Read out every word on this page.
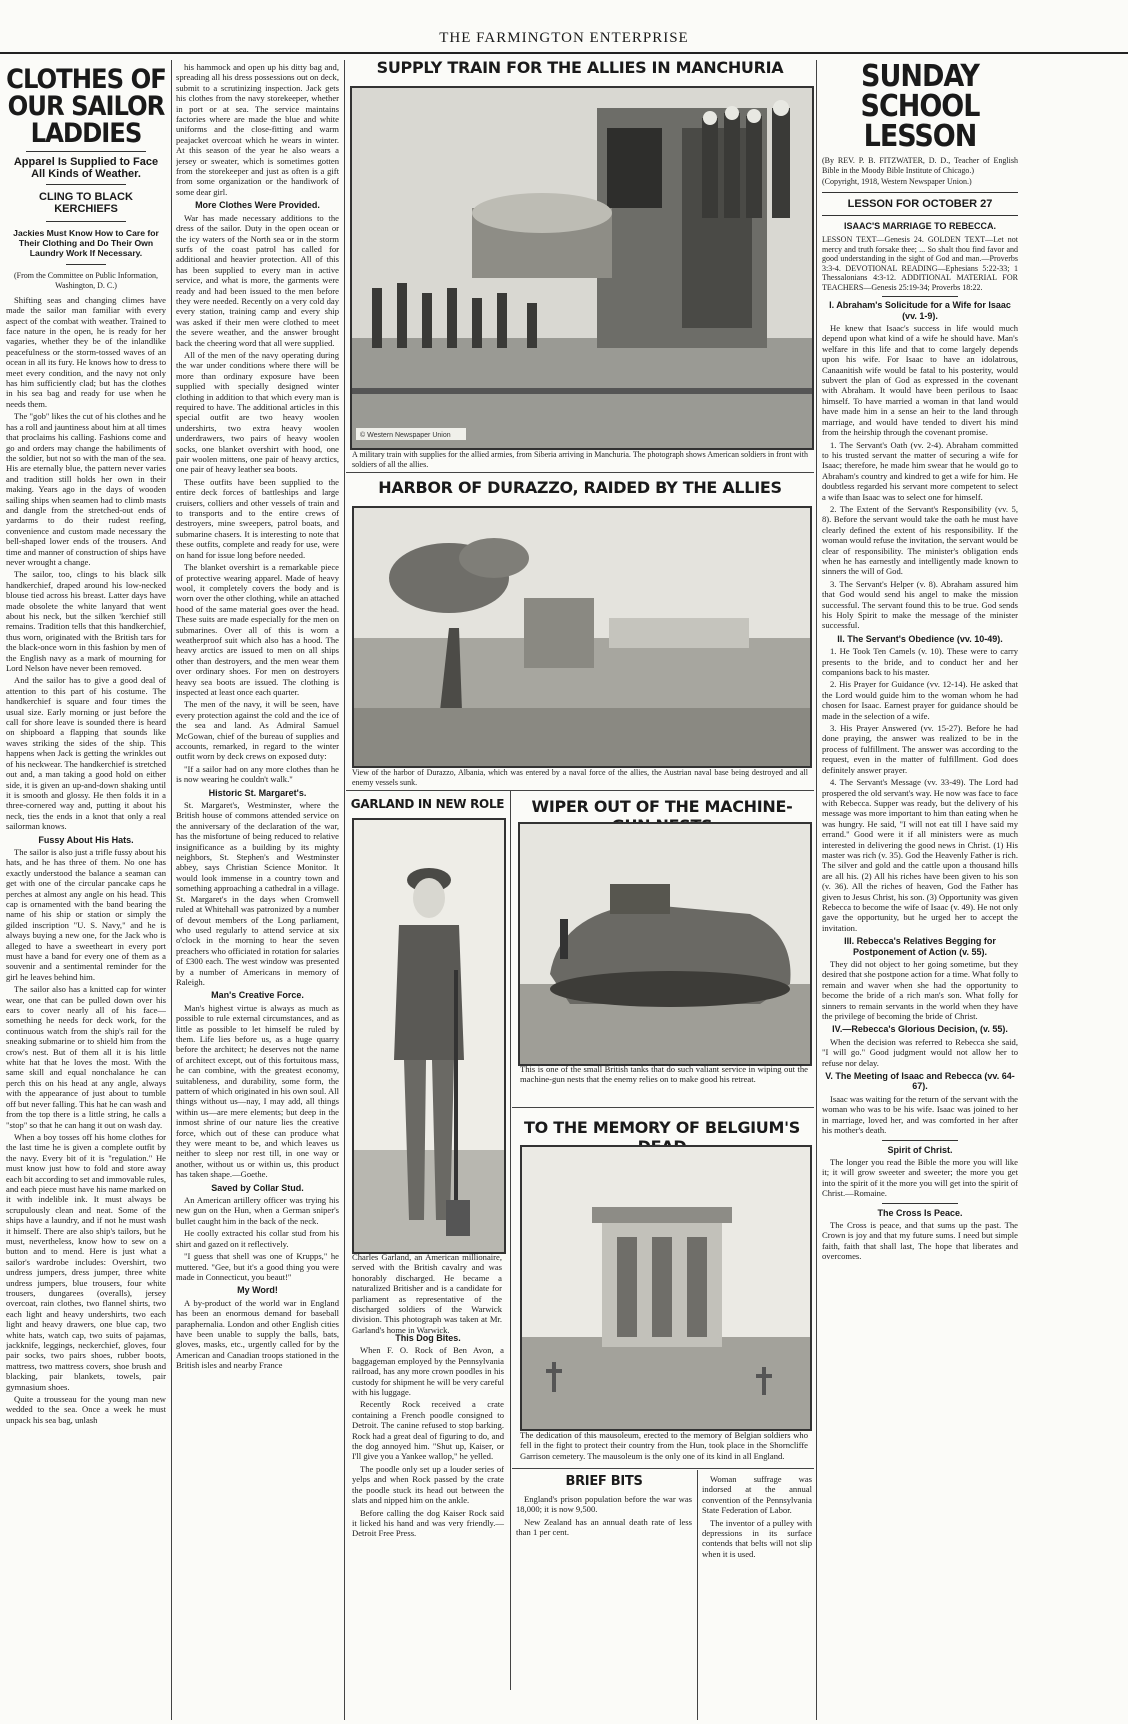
THE FARMINGTON ENTERPRISE
CLOTHES OF OUR SAILOR LADDIES
Apparel Is Supplied to Face All Kinds of Weather.
CLING TO BLACK KERCHIEFS
Jackies Must Know How to Care for Their Clothing and Do Their Own Laundry Work If Necessary.
(From the Committee on Public Information, Washington, D. C.)

Shifting seas and changing climes have made the sailor man familiar with every aspect of the combat with weather. Trained to face nature in the open, he is ready for her vagaries, whether they be of the inlandlike peacefulness or the storm-tossed waves of an ocean in all its fury. He knows how to dress to meet every condition, and the navy not only has him sufficiently clad; but has the clothes in his sea bag and ready for use when he needs them.

The "gob" likes the cut of his clothes and he has a roll and jauntiness about him at all times that proclaims his calling. Fashions come and go and orders may change the habiliments of the soldier, but not so with the man of the sea. His are eternally blue, the pattern never varies and tradition still holds her own in their making. Years ago in the days of wooden sailing ships when seamen had to climb masts and dangle from the stretched-out ends of yardarms to do their rudest reefing, convenience and custom made necessary the bell-shaped lower ends of the trousers. And time and manner of construction of ships have never wrought a change.

The sailor, too, clings to his black silk handkerchief, draped around his low-necked blouse tied across his breast. Latter days have made obsolete the white lanyard that went about his neck, but the silken 'kerchief still remains. Tradition tells that this handkerchief, thus worn, originated with the British tars for the black-once worn in this fashion by men of the English navy as a mark of mourning for Lord Nelson have never been removed.

And the sailor has to give a good deal of attention to this part of his costume. The handkerchief is square and four times the usual size. Early morning or just before the call for shore leave is sounded there is heard on shipboard a flapping that sounds like waves striking the sides of the ship. This happens when Jack is getting the wrinkles out of his neckwear. The handkerchief is stretched out and, a man taking a good hold on either side, it is given an up-and-down shaking until it is smooth and glossy. He then folds it in a three-cornered way and, putting it about his neck, ties the ends in a knot that only a real sailorman knows.

Fussy About His Hats.

The sailor is also just a trifle fussy about his hats, and he has three of them. No one has exactly understood the balance a seaman can get with one of the circular pancake caps he perches at almost any angle on his head. This cap is ornamented with the band bearing the name of his ship or station or simply the gilded inscription "U. S. Navy," and he is always buying a new one, for the Jack who is alleged to have a sweetheart in every port must have a band for every one of them as a souvenir and a sentimental reminder for the girl he leaves behind him.

The sailor also has a knitted cap for winter wear, one that can be pulled down over his ears to cover nearly all of his face—something he needs for deck work, for the continuous watch from the ship's rail for the sneaking submarine or to shield him from the crow's nest. But of them all it is his little white hat that he loves the most. With the same skill and equal nonchalance he can perch this on his head at any angle, always with the appearance of just about to tumble off but never falling. This hat he can wash and from the top there is a little string, he calls a "stop" so that he can hang it out on wash day.

When a boy tosses off his home clothes for the last time he is given a complete outfit by the navy. Every bit of it is "regulation." He must know just how to fold and store away each bit according to set and immovable rules, and each piece must have his name marked on it with indelible ink. It must always be scrupulously clean and neat. Some of the ships have a laundry, and if not he must wash it himself. There are also ship's tailors, but he must, nevertheless, know how to sew on a button and to mend. Here is just what a sailor's wardrobe includes: Overshirt, two undress jumpers, dress jumper, three white undress jumpers, blue trousers, four white trousers, dungarees (overalls), jersey overcoat, rain clothes, two flannel shirts, two each light and heavy undershirts, two each light and heavy drawers, one blue cap, two white hats, watch cap, two suits of pajamas, jackknife, leggings, neckerchief, gloves, four pair socks, two pairs shoes, rubber boots, mattress, two mattress covers, shoe brush and blacking, pair blankets, towels, pair gymnasium shoes.

Quite a trousseau for the young man new wedded to the sea. Once a week he must unpack his sea bag, unlash

his hammock and open up his ditty bag and, spreading all his dress possessions out on deck, submit to a scrutinizing inspection. Jack gets his clothes from the navy storekeeper, whether in port or at sea. The service maintains factories where are made the blue and white uniforms and the close-fitting and warm peajacket overcoat which he wears in winter. At this season of the year he also wears a jersey or sweater, which is sometimes gotten from the storekeeper and just as often is a gift from some organization or the handiwork of some dear girl.

More Clothes Were Provided.

War has made necessary additions to the dress of the sailor. Duty in the open ocean or the icy waters of the North sea or in the storm surfs of the coast patrol has called for additional and heavier protection. All of this has been supplied to every man in active service, and what is more, the garments were ready and had been issued to the men before they were needed. Recently on a very cold day every station, training camp and every ship was asked if their men were clothed to meet the severe weather, and the answer brought back the cheering word that all were supplied.

All of the men of the navy operating during the war under conditions where there will be more than ordinary exposure have been supplied with specially designed winter clothing in addition to that which every man is required to have. The additional articles in this special outfit are two heavy woolen undershirts, two extra heavy woolen underdrawers, two pairs of heavy woolen socks, one blanket overshirt with hood, one pair woolen mittens, one pair of heavy arctics, one pair of heavy leather sea boots.

These outfits have been supplied to the entire deck forces of battleships and large cruisers, colliers and other vessels of train and to transports and to the entire crews of destroyers, mine sweepers, patrol boats, and submarine chasers. It is interesting to note that these outfits, complete and ready for use, were on hand for issue long before needed.

The blanket overshirt is a remarkable piece of protective wearing apparel. Made of heavy wool, it completely covers the body and is worn over the other clothing, while an attached hood of the same material goes over the head. These suits are made especially for the men on submarines. Over all of this is worn a weatherproof suit which also has a hood. The heavy arctics are issued to men on all ships other than destroyers, and the men wear them over ordinary shoes. For men on destroyers heavy sea boots are issued. The clothing is inspected at least once each quarter.

The men of the navy, it will be seen, have every protection against the cold and the ice of the sea and land. As Admiral Samuel McGowan, chief of the bureau of supplies and accounts, remarked, in regard to the winter outfit worn by deck crews on exposed duty:

"If a sailor had on any more clothes than he is now wearing he couldn't walk."

Historic St. Margaret's.

St. Margaret's, Westminster, where the British house of commons attended service on the anniversary of the declaration of the war, has the misfortune of being reduced to relative insignificance as a building by its mighty neighbors, St. Stephen's and Westminster abbey, says Christian Science Monitor. It would look immense in a country town and something approaching a cathedral in a village. St. Margaret's in the days when Cromwell ruled at Whitehall was patronized by a number of devout members of the Long parliament, who used regularly to attend service at six o'clock in the morning to hear the seven preachers who officiated in rotation for salaries of £300 each. The west window was presented by a number of Americans in memory of Raleigh.

Man's Creative Force.

Man's highest virtue is always as much as possible to rule external circumstances, and as little as possible to let himself be ruled by them. Life lies before us, as a huge quarry before the architect; he deserves not the name of architect except, out of this fortuitous mass, he can combine, with the greatest economy, suitableness, and durability, some form, the pattern of which originated in his own soul. All things without us—nay, I may add, all things within us—are mere elements; but deep in the inmost shrine of our nature lies the creative force, which out of these can produce what they were meant to be, and which leaves us neither to sleep nor rest till, in one way or another, without us or within us, this product has taken shape.—Goethe.

Saved by Collar Stud.

An American artillery officer was trying his new gun on the Hun, when a German sniper's bullet caught him in the back of the neck.

He coolly extracted his collar stud from his shirt and gazed on it reflectively.

"I guess that shell was one of Krupps," he muttered. "Gee, but it's a good thing you were made in Connecticut, you beaut!"

My Word!

A by-product of the world war in England has been an enormous demand for baseball paraphernalia. London and other English cities have been unable to supply the balls, bats, gloves, masks, etc., urgently called for by the American and Canadian troops stationed in the British isles and nearby France

SUPPLY TRAIN FOR THE ALLIES IN MANCHURIA
© Western Newspaper Union
A military train with supplies for the allied armies, from Siberia arriving in Manchuria. The photograph shows American soldiers in front with soldiers of all the allies.
HARBOR OF DURAZZO, RAIDED BY THE ALLIES
View of the harbor of Durazzo, Albania, which was entered by a naval force of the allies, the Austrian naval base being destroyed and all enemy vessels sunk.
GARLAND IN NEW ROLE
Charles Garland, an American millionaire, served with the British cavalry and was honorably discharged. He became a naturalized Britisher and is a candidate for parliament as representative of the discharged soldiers of the Warwick division. This photograph was taken at Mr. Garland's home in Warwick.
This Dog Bites.

When F. O. Rock of Ben Avon, a baggageman employed by the Pennsylvania railroad, has any more crown poodles in his custody for shipment he will be very careful with his luggage.

Recently Rock received a crate containing a French poodle consigned to Detroit. The canine refused to stop barking. Rock had a great deal of figuring to do, and the dog annoyed him. "Shut up, Kaiser, or I'll give you a Yankee wallop," he yelled.

The poodle only set up a louder series of yelps and when Rock passed by the crate the poodle stuck its head out between the slats and nipped him on the ankle.

Before calling the dog Kaiser Rock said it licked his hand and was very friendly.—Detroit Free Press.

WIPER OUT OF THE MACHINE-
This is one of the small British tanks that do such valiant service in wiping out the machine-gun nests that the enemy relies on to make good his retreat.
TO THE MEMORY OF BELGIUM'S
The dedication of this mausoleum, erected to the memory of Belgian soldiers who fell in the fight to protect their country from the Hun, took place in the Shorncliffe Garrison cemetery. The mausoleum is the only one of its kind in all England.
BRIEF BITS

England's prison population before the war was 18,000; it is now 9,500.

New Zealand has an annual death rate of less than 1 per cent.

Woman suffrage was indorsed at the annual convention of the Pennsylvania State Federation of Labor.

The inventor of a pulley with depressions in its surface contends that belts will not slip when it is used.

SUNDAY SCHOOL
LESSON
(By REV. P. B. FITZWATER, D. D., Teacher of English Bible in the Moody Bible Institute of Chicago.)
(Copyright, 1918, Western Newspaper Union.)
LESSON FOR OCTOBER 27
ISAAC'S MARRIAGE TO REBECCA.
LESSON TEXT—Genesis 24. GOLDEN TEXT—Let not mercy and truth forsake thee; ... So shalt thou find favor and good understanding in the sight of God and man.—Proverbs 3:3-4. DEVOTIONAL READING—Ephesians 5:22-33; 1 Thessalonians 4:3-12. ADDITIONAL MATERIAL FOR TEACHERS—Genesis 25:19-34; Proverbs 18:22.
I. Abraham's Solicitude for a Wife for Isaac (vv. 1-9).

He knew that Isaac's success in life would much depend upon what kind of a wife he should have. Man's welfare in this life and that to come largely depends upon his wife. For Isaac to have an idolatrous, Canaanitish wife would be fatal to his posterity, would subvert the plan of God as expressed in the covenant with Abraham. It would have been perilous to Isaac himself. To have married a woman in that land would have made him in a sense an heir to the land through marriage, and would have tended to divert his mind from the heirship through the covenant promise.

1. The Servant's Oath (vv. 2-4). Abraham committed to his trusted servant the matter of securing a wife for Isaac; therefore, he made him swear that he would go to Abraham's country and kindred to get a wife for him. He doubtless regarded his servant more competent to select a wife than Isaac was to select one for himself.

2. The Extent of the Servant's Responsibility (vv. 5, 8). Before the servant would take the oath he must have clearly defined the extent of his responsibility. If the woman would refuse the invitation, the servant would be clear of responsibility. The minister's obligation ends when he has earnestly and intelligently made known to sinners the will of God.

3. The Servant's Helper (v. 8). Abraham assured him that God would send his angel to make the mission successful. The servant found this to be true. God sends his Holy Spirit to make the message of the minister successful.

II. The Servant's Obedience (vv. 10-49).

1. He Took Ten Camels (v. 10). These were to carry presents to the bride, and to conduct her and her companions back to his master.

2. His Prayer for Guidance (vv. 12-14). He asked that the Lord would guide him to the woman whom he had chosen for Isaac. Earnest prayer for guidance should be made in the selection of a wife.

3. His Prayer Answered (vv. 15-27). Before he had done praying, the answer was realized to be in the process of fulfillment. The answer was according to the request, even in the matter of fulfillment. God does definitely answer prayer.

4. The Servant's Message (vv. 33-49). The Lord had prospered the old servant's way. He now was face to face with Rebecca. Supper was ready, but the delivery of his message was more important to him than eating when he was hungry. He said, "I will not eat till I have said my errand." Good were it if all ministers were as much interested in delivering the good news in Christ. (1) His master was rich (v. 35). God the Heavenly Father is rich. The silver and gold and the cattle upon a thousand hills are all his. (2) All his riches have been given to his son (v. 36). All the riches of heaven, God the Father has given to Jesus Christ, his son. (3) Opportunity was given Rebecca to become the wife of Isaac (v. 49). He not only gave the opportunity, but he urged her to accept the invitation.

III. Rebecca's Relatives Begging for Postponement of Action (v. 55).

They did not object to her going sometime, but they desired that she postpone action for a time. What folly to remain and waver when she had the opportunity to become the bride of a rich man's son. What folly for sinners to remain servants in the world when they have the privilege of becoming the bride of Christ.

IV.—Rebecca's Glorious Decision, (v. 55).

When the decision was referred to Rebecca she said, "I will go." Good judgment would not allow her to refuse nor delay.

V. The Meeting of Isaac and Rebecca (vv. 64-67).

Isaac was waiting for the return of the servant with the woman who was to be his wife. Isaac was joined to her in marriage, loved her, and was comforted in her after his mother's death.

Spirit of Christ.

The longer you read the Bible the more you will like it; it will grow sweeter and sweeter; the more you get into the spirit of it the more you will get into the spirit of Christ.—Romaine.

The Cross Is Peace.

The Cross is peace, and that sums up the past. The Crown is joy and that my future sums. I need but simple faith, faith that shall last, The hope that liberates and overcomes.
